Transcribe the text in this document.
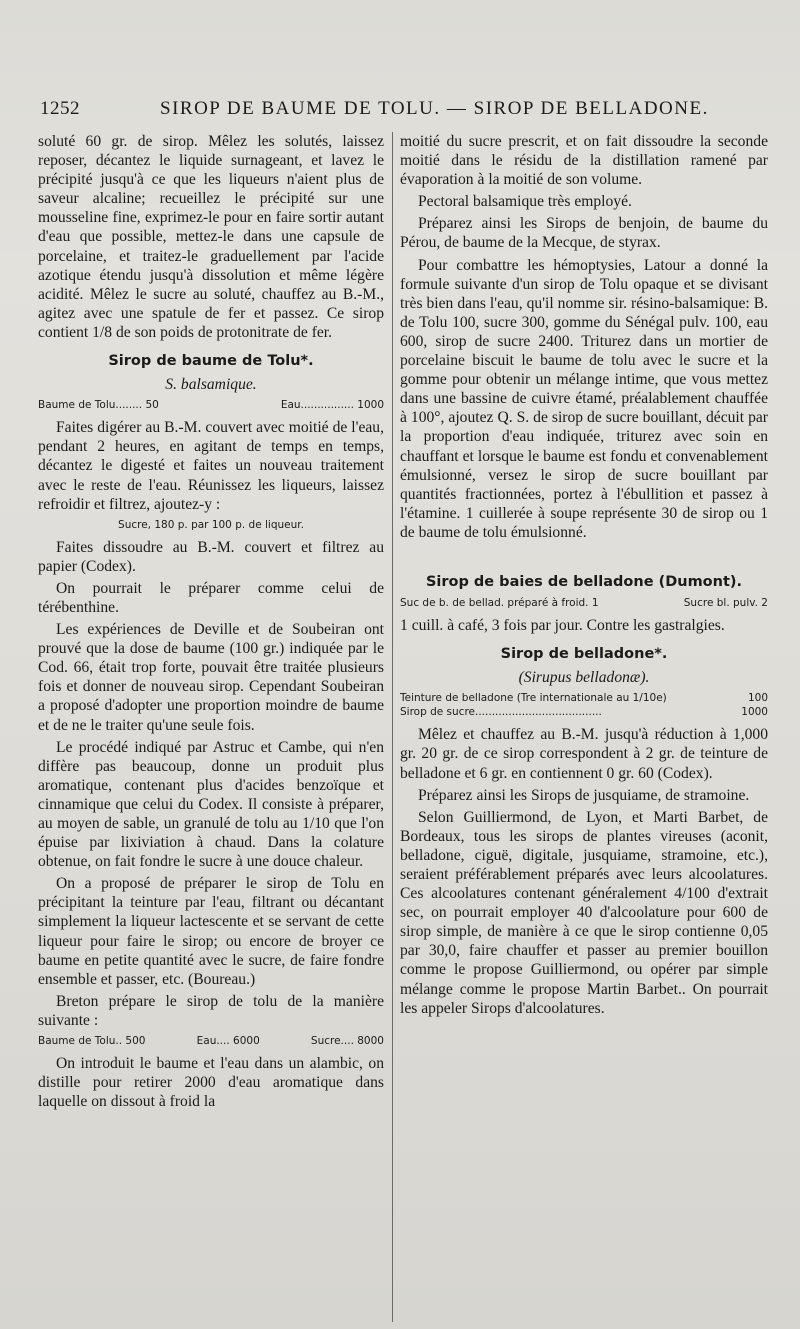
1252	SIROP DE BAUME DE TOLU. — SIROP DE BELLADONE.

soluté 60 gr. de sirop. Mêlez les solutés, laissez reposer, décantez le liquide surnageant, et lavez le précipité jusqu'à ce que les liqueurs n'aient plus de saveur alcaline; recueillez le précipité sur une mousseline fine, exprimez-le pour en faire sortir autant d'eau que possible, mettez-le dans une capsule de porcelaine, et traitez-le graduellement par l'acide azotique étendu jusqu'à dissolution et même légère acidité. Mêlez le sucre au soluté, chauffez au B.-M., agitez avec une spatule de fer et passez. Ce sirop contient 1/8 de son poids de protonitrate de fer.

Sirop de baume de Tolu*.
S. balsamique.
Baume de Tolu........ 50	Eau................ 1000

Faites digérer au B.-M. couvert avec moitié de l'eau, pendant 2 heures, en agitant de temps en temps, décantez le digesté et faites un nouveau traitement avec le reste de l'eau. Réunissez les liqueurs, laissez refroidir et filtrez, ajoutez-y :

Sucre, 180 p. par 100 p. de liqueur.

Faites dissoudre au B.-M. couvert et filtrez au papier (Codex).

On pourrait le préparer comme celui de térébenthine.

Les expériences de Deville et de Soubeiran ont prouvé que la dose de baume (100 gr.) indiquée par le Cod. 66, était trop forte, pouvait être traitée plusieurs fois et donner de nouveau sirop. Cependant Soubeiran a proposé d'adopter une proportion moindre de baume et de ne le traiter qu'une seule fois.

Le procédé indiqué par Astruc et Cambe, qui n'en diffère pas beaucoup, donne un produit plus aromatique, contenant plus d'acides benzoïque et cinnamique que celui du Codex. Il consiste à préparer, au moyen de sable, un granulé de tolu au 1/10 que l'on épuise par lixiviation à chaud. Dans la colature obtenue, on fait fondre le sucre à une douce chaleur.

On a proposé de préparer le sirop de Tolu en précipitant la teinture par l'eau, filtrant ou décantant simplement la liqueur lactescente et se servant de cette liqueur pour faire le sirop; ou encore de broyer ce baume en petite quantité avec le sucre, de faire fondre ensemble et passer, etc. (Boureau.)

Breton prépare le sirop de tolu de la manière suivante :

Baume de Tolu.. 500	Eau.... 6000	Sucre.... 8000

On introduit le baume et l'eau dans un alambic, on distille pour retirer 2000 d'eau aromatique dans laquelle on dissout à froid la

moitié du sucre prescrit, et on fait dissoudre la seconde moitié dans le résidu de la distillation ramené par évaporation à la moitié de son volume.

Pectoral balsamique très employé.

Préparez ainsi les Sirops de benjoin, de baume du Pérou, de baume de la Mecque, de styrax.

Pour combattre les hémoptysies, Latour a donné la formule suivante d'un sirop de Tolu opaque et se divisant très bien dans l'eau, qu'il nomme sir. résino-balsamique: B. de Tolu 100, sucre 300, gomme du Sénégal pulv. 100, eau 600, sirop de sucre 2400. Triturez dans un mortier de porcelaine biscuit le baume de tolu avec le sucre et la gomme pour obtenir un mélange intime, que vous mettez dans une bassine de cuivre étamé, préalablement chauffée à 100°, ajoutez Q. S. de sirop de sucre bouillant, décuit par la proportion d'eau indiquée, triturez avec soin en chauffant et lorsque le baume est fondu et convenablement émulsionné, versez le sirop de sucre bouillant par quantités fractionnées, portez à l'ébullition et passez à l'étamine. 1 cuillerée à soupe représente 30 de sirop ou 1 de baume de tolu émulsionné.

Sirop de baies de belladone (Dumont).
Suc de b. de bellad. préparé à froid. 1	Sucre bl. pulv. 2

1 cuill. à café, 3 fois par jour. Contre les gastralgies.

Sirop de belladone*.
(Sirupus belladonæ).
Teinture de belladone (Tre internationale au 1/10e)	100
Sirop de sucre......................................	1000

Mêlez et chauffez au B.-M. jusqu'à réduction à 1,000 gr. 20 gr. de ce sirop correspondent à 2 gr. de teinture de belladone et 6 gr. en contiennent 0 gr. 60 (Codex).

Préparez ainsi les Sirops de jusquiame, de stramoine.

Selon Guilliermond, de Lyon, et Marti Barbet, de Bordeaux, tous les sirops de plantes vireuses (aconit, belladone, ciguë, digitale, jusquiame, stramoine, etc.), seraient préférablement préparés avec leurs alcoolatures. Ces alcoolatures contenant généralement 4/100 d'extrait sec, on pourrait employer 40 d'alcoolature pour 600 de sirop simple, de manière à ce que le sirop contienne 0,05 par 30,0, faire chauffer et passer au premier bouillon comme le propose Guilliermond, ou opérer par simple mélange comme le propose Martin Barbet.. On pourrait les appeler Sirops d'alcoolatures.
